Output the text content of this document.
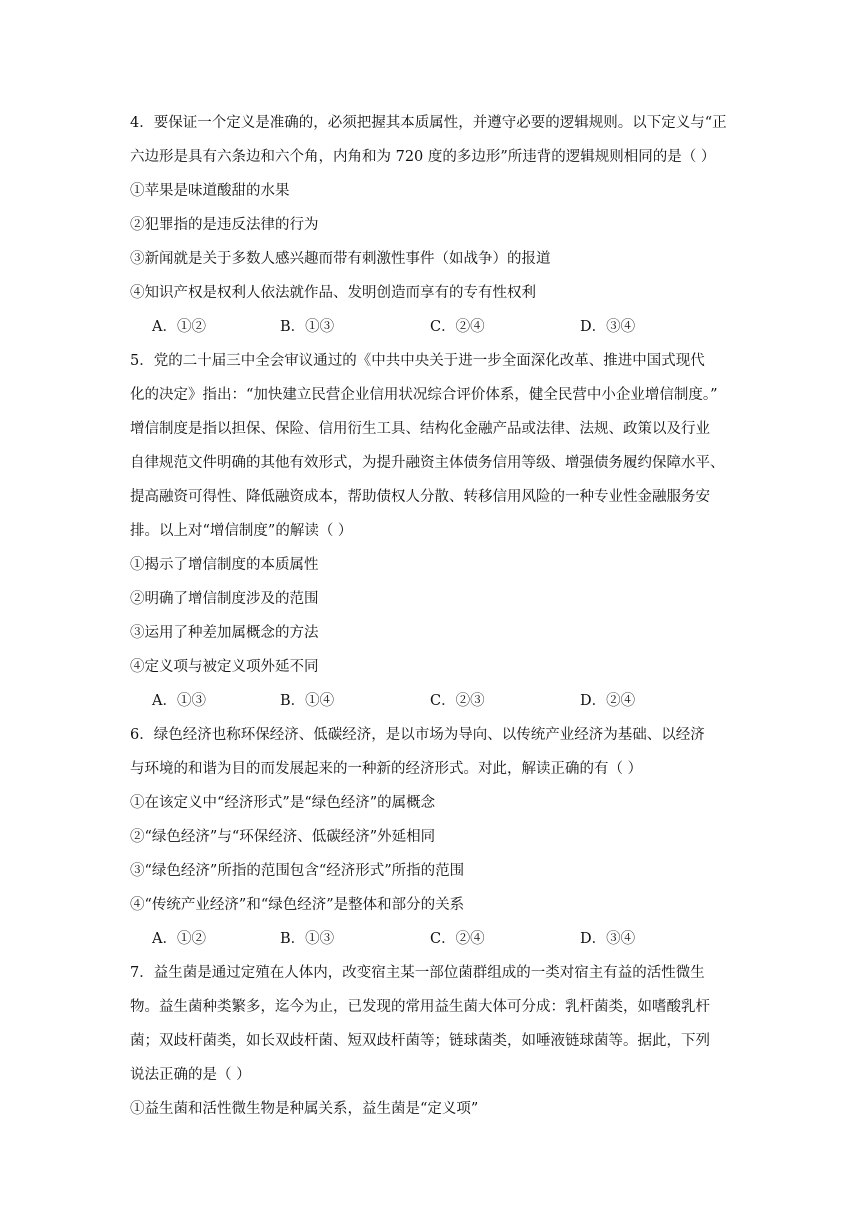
4．要保证一个定义是准确的，必须把握其本质属性，并遵守必要的逻辑规则。以下定义与“正
六边形是具有六条边和六个角，内角和为 720 度的多边形”所违背的逻辑规则相同的是（ ）
①苹果是味道酸甜的水果
②犯罪指的是违反法律的行为
③新闻就是关于多数人感兴趣而带有刺激性事件（如战争）的报道
④知识产权是权利人依法就作品、发明创造而享有的专有性权利
A．①②	B．①③	C．②④	D．③④
5．党的二十届三中全会审议通过的《中共中央关于进一步全面深化改革、推进中国式现代
化的决定》指出：“加快建立民营企业信用状况综合评价体系，健全民营中小企业增信制度。”
增信制度是指以担保、保险、信用衍生工具、结构化金融产品或法律、法规、政策以及行业
自律规范文件明确的其他有效形式，为提升融资主体债务信用等级、增强债务履约保障水平、
提高融资可得性、降低融资成本，帮助债权人分散、转移信用风险的一种专业性金融服务安
排。以上对“增信制度”的解读（ ）
①揭示了增信制度的本质属性
②明确了增信制度涉及的范围
③运用了种差加属概念的方法
④定义项与被定义项外延不同
A．①③	B．①④	C．②③	D．②④
6．绿色经济也称环保经济、低碳经济，是以市场为导向、以传统产业经济为基础、以经济
与环境的和谐为目的而发展起来的一种新的经济形式。对此，解读正确的有（ ）
①在该定义中“经济形式”是“绿色经济”的属概念
②“绿色经济”与“环保经济、低碳经济”外延相同
③“绿色经济”所指的范围包含“经济形式”所指的范围
④“传统产业经济”和“绿色经济”是整体和部分的关系
A．①②	B．①③	C．②④	D．③④
7．益生菌是通过定殖在人体内，改变宿主某一部位菌群组成的一类对宿主有益的活性微生
物。益生菌种类繁多，迄今为止，已发现的常用益生菌大体可分成：乳杆菌类，如嗜酸乳杆
菌；双歧杆菌类，如长双歧杆菌、短双歧杆菌等；链球菌类，如唾液链球菌等。据此，下列
说法正确的是（ ）
①益生菌和活性微生物是种属关系，益生菌是“定义项”
